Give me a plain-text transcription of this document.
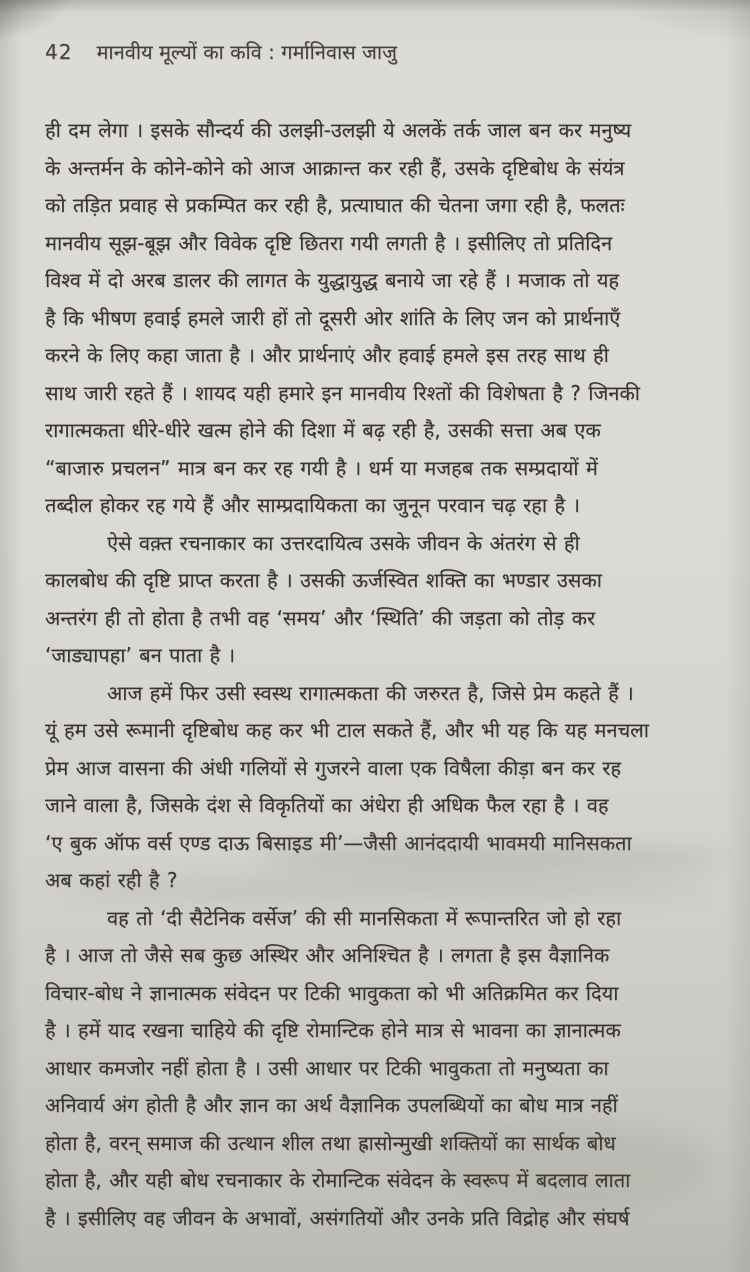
42 मानवीय मूल्यों का कवि : गर्मानिवास जाजु
ही दम लेगा । इसके सौन्दर्य की उलझी-उलझी ये अलकें तर्क जाल बन कर मनुष्य
के अन्तर्मन के कोने-कोने को आज आक्रान्त कर रही हैं, उसके दृष्टिबोध के संयंत्र
को तड़ित प्रवाह से प्रकम्पित कर रही है, प्रत्याघात की चेतना जगा रही है, फलतः
मानवीय सूझ-बूझ और विवेक दृष्टि छितरा गयी लगती है । इसीलिए तो प्रतिदिन
विश्व में दो अरब डालर की लागत के युद्धायुद्ध बनाये जा रहे हैं । मजाक तो यह
है कि भीषण हवाई हमले जारी हों तो दूसरी ओर शांति के लिए जन को प्रार्थनाएँ
करने के लिए कहा जाता है । और प्रार्थनाएं और हवाई हमले इस तरह साथ ही
साथ जारी रहते हैं । शायद यही हमारे इन मानवीय रिश्तों की विशेषता है ? जिनकी
रागात्मकता धीरे-धीरे खत्म होने की दिशा में बढ़ रही है, उसकी सत्ता अब एक
“बाजारु प्रचलन” मात्र बन कर रह गयी है । धर्म या मजहब तक सम्प्रदायों में
तब्दील होकर रह गये हैं और साम्प्रदायिकता का जुनून परवान चढ़ रहा है ।
ऐसे वक़्त रचनाकार का उत्तरदायित्व उसके जीवन के अंतरंग से ही
कालबोध की दृष्टि प्राप्त करता है । उसकी ऊर्जस्वित शक्ति का भण्डार उसका
अन्तरंग ही तो होता है तभी वह ‘समय’ और ‘स्थिति’ की जड़ता को तोड़ कर
‘जाड्यापहा’ बन पाता है ।
आज हमें फिर उसी स्वस्थ रागात्मकता की जरुरत है, जिसे प्रेम कहते हैं ।
यूं हम उसे रूमानी दृष्टिबोध कह कर भी टाल सकते हैं, और भी यह कि यह मनचला
प्रेम आज वासना की अंधी गलियों से गुजरने वाला एक विषैला कीड़ा बन कर रह
जाने वाला है, जिसके दंश से विकृतियों का अंधेरा ही अधिक फैल रहा है । वह
‘ए बुक ऑफ वर्स एण्ड दाऊ बिसाइड मी’—जैसी आनंददायी भावमयी मानिसकता
अब कहां रही है ?
वह तो ‘दी सैटेनिक वर्सेज’ की सी मानसिकता में रूपान्तरित जो हो रहा
है । आज तो जैसे सब कुछ अस्थिर और अनिश्चित है । लगता है इस वैज्ञानिक
विचार-बोध ने ज्ञानात्मक संवेदन पर टिकी भावुकता को भी अतिक्रमित कर दिया
है । हमें याद रखना चाहिये की दृष्टि रोमान्टिक होने मात्र से भावना का ज्ञानात्मक
आधार कमजोर नहीं होता है । उसी आधार पर टिकी भावुकता तो मनुष्यता का
अनिवार्य अंग होती है और ज्ञान का अर्थ वैज्ञानिक उपलब्धियों का बोध मात्र नहीं
होता है, वरन् समाज की उत्थान शील तथा ह्रासोन्मुखी शक्तियों का सार्थक बोध
होता है, और यही बोध रचनाकार के रोमान्टिक संवेदन के स्वरूप में बदलाव लाता
है । इसीलिए वह जीवन के अभावों, असंगतियों और उनके प्रति विद्रोह और संघर्ष
